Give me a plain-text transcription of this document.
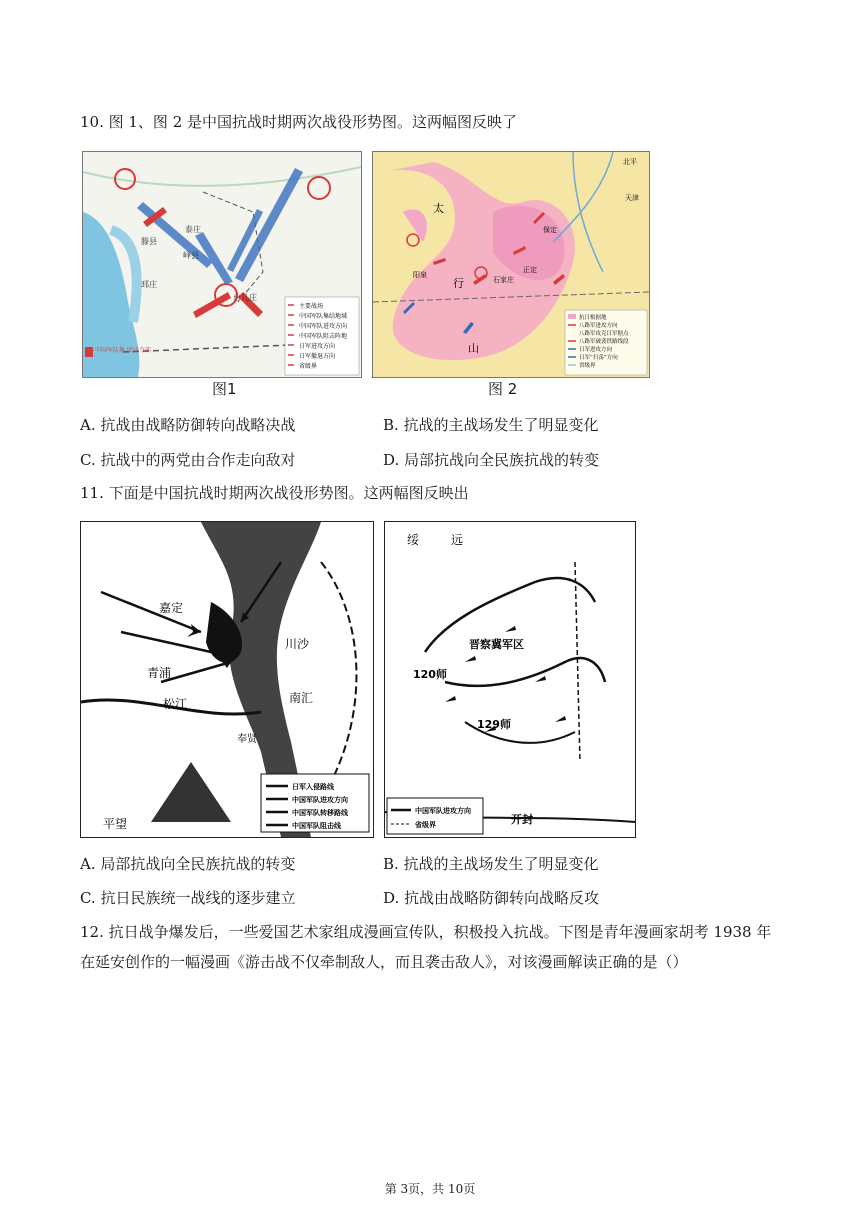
10. 图 1、图 2 是中国抗战时期两次战役形势图。这两幅图反映了
泰庄
滕县
峄县
邳庄
台儿庄
中国军队集 团司令部
主要战场
中国军队集结地域
中国军队进攻方向
中国军队阻击阵地
日军进攻方向
日军撤退方向
省级界
图1
北平
天津
太
行
山
正定
阳泉
石家庄
保定
抗日根据地
八路军进攻方向
八路军攻克日军据点
八路军破袭铁路线段
日军进攻方向
日军“扫荡”方向
省级界
图 2
A. 抗战由战略防御转向战略决战	B. 抗战的主战场发生了明显变化
C. 抗战中的两党由合作走向敌对	D. 局部抗战向全民族抗战的转变
11. 下面是中国抗战时期两次战役形势图。这两幅图反映出
嘉定
川沙
青浦
南汇
松江
奉贤
平望
日军入侵路线
中国军队进攻方向
中国军队转移路线
中国军队阻击线
绥	远
晋察冀军区
120师
129师
开封
中国军队进攻方向
省级界
A. 局部抗战向全民族抗战的转变	B. 抗战的主战场发生了明显变化
C. 抗日民族统一战线的逐步建立	D. 抗战由战略防御转向战略反攻
12. 抗日战争爆发后，一些爱国艺术家组成漫画宣传队，积极投入抗战。下图是青年漫画家胡考 1938 年在延安创作的一幅漫画《游击战不仅牵制敌人，而且袭击敌人》，对该漫画解读正确的是（）
第 3页，共 10页
